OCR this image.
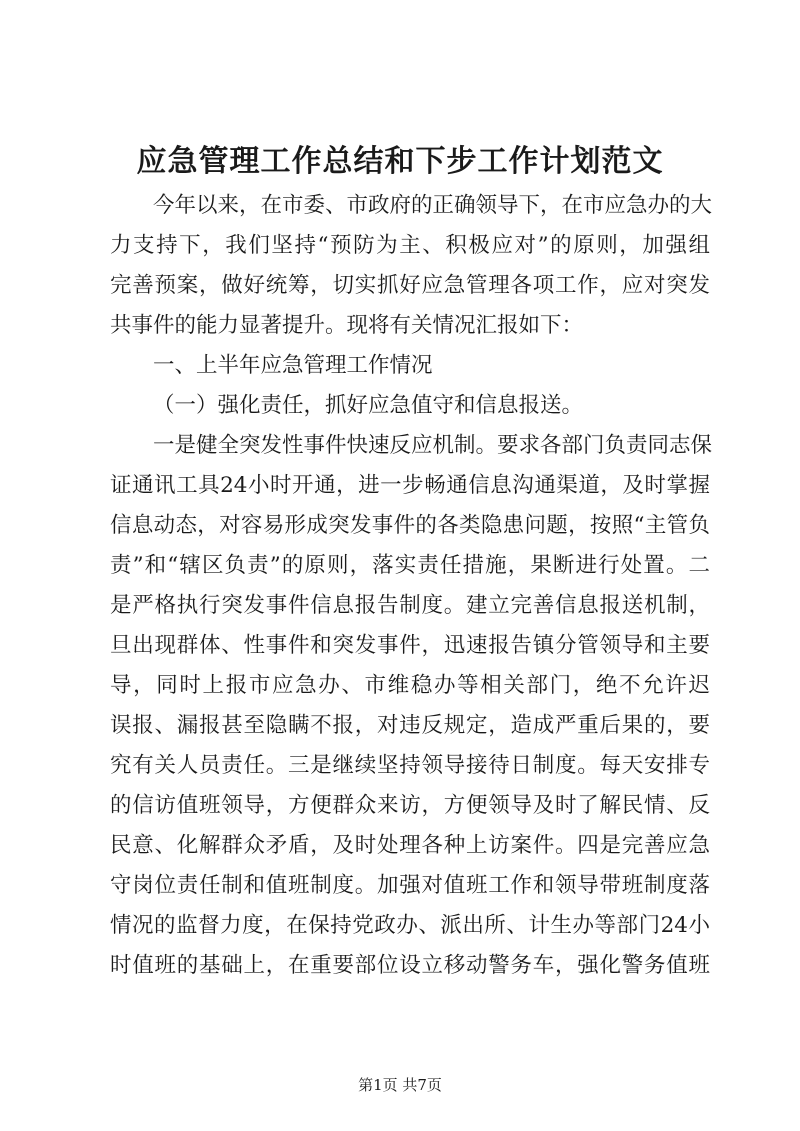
应急管理工作总结和下步工作计划范文
今年以来，在市委、市政府的正确领导下，在市应急办的大
力支持下，我们坚持“预防为主、积极应对”的原则，加强组
完善预案，做好统筹，切实抓好应急管理各项工作，应对突发
共事件的能力显著提升。现将有关情况汇报如下：
一、上半年应急管理工作情况
（一）强化责任，抓好应急值守和信息报送。
一是健全突发性事件快速反应机制。要求各部门负责同志保
证通讯工具24小时开通，进一步畅通信息沟通渠道，及时掌握
信息动态，对容易形成突发事件的各类隐患问题，按照“主管负
责”和“辖区负责”的原则，落实责任措施，果断进行处置。二
是严格执行突发事件信息报告制度。建立完善信息报送机制，
旦出现群体、性事件和突发事件，迅速报告镇分管领导和主要
导，同时上报市应急办、市维稳办等相关部门，绝不允许迟
误报、漏报甚至隐瞒不报，对违反规定，造成严重后果的，要
究有关人员责任。三是继续坚持领导接待日制度。每天安排专
的信访值班领导，方便群众来访，方便领导及时了解民情、反
民意、化解群众矛盾，及时处理各种上访案件。四是完善应急
守岗位责任制和值班制度。加强对值班工作和领导带班制度落
情况的监督力度，在保持党政办、派出所、计生办等部门24小
时值班的基础上，在重要部位设立移动警务车，强化警务值班
第1页 共7页
